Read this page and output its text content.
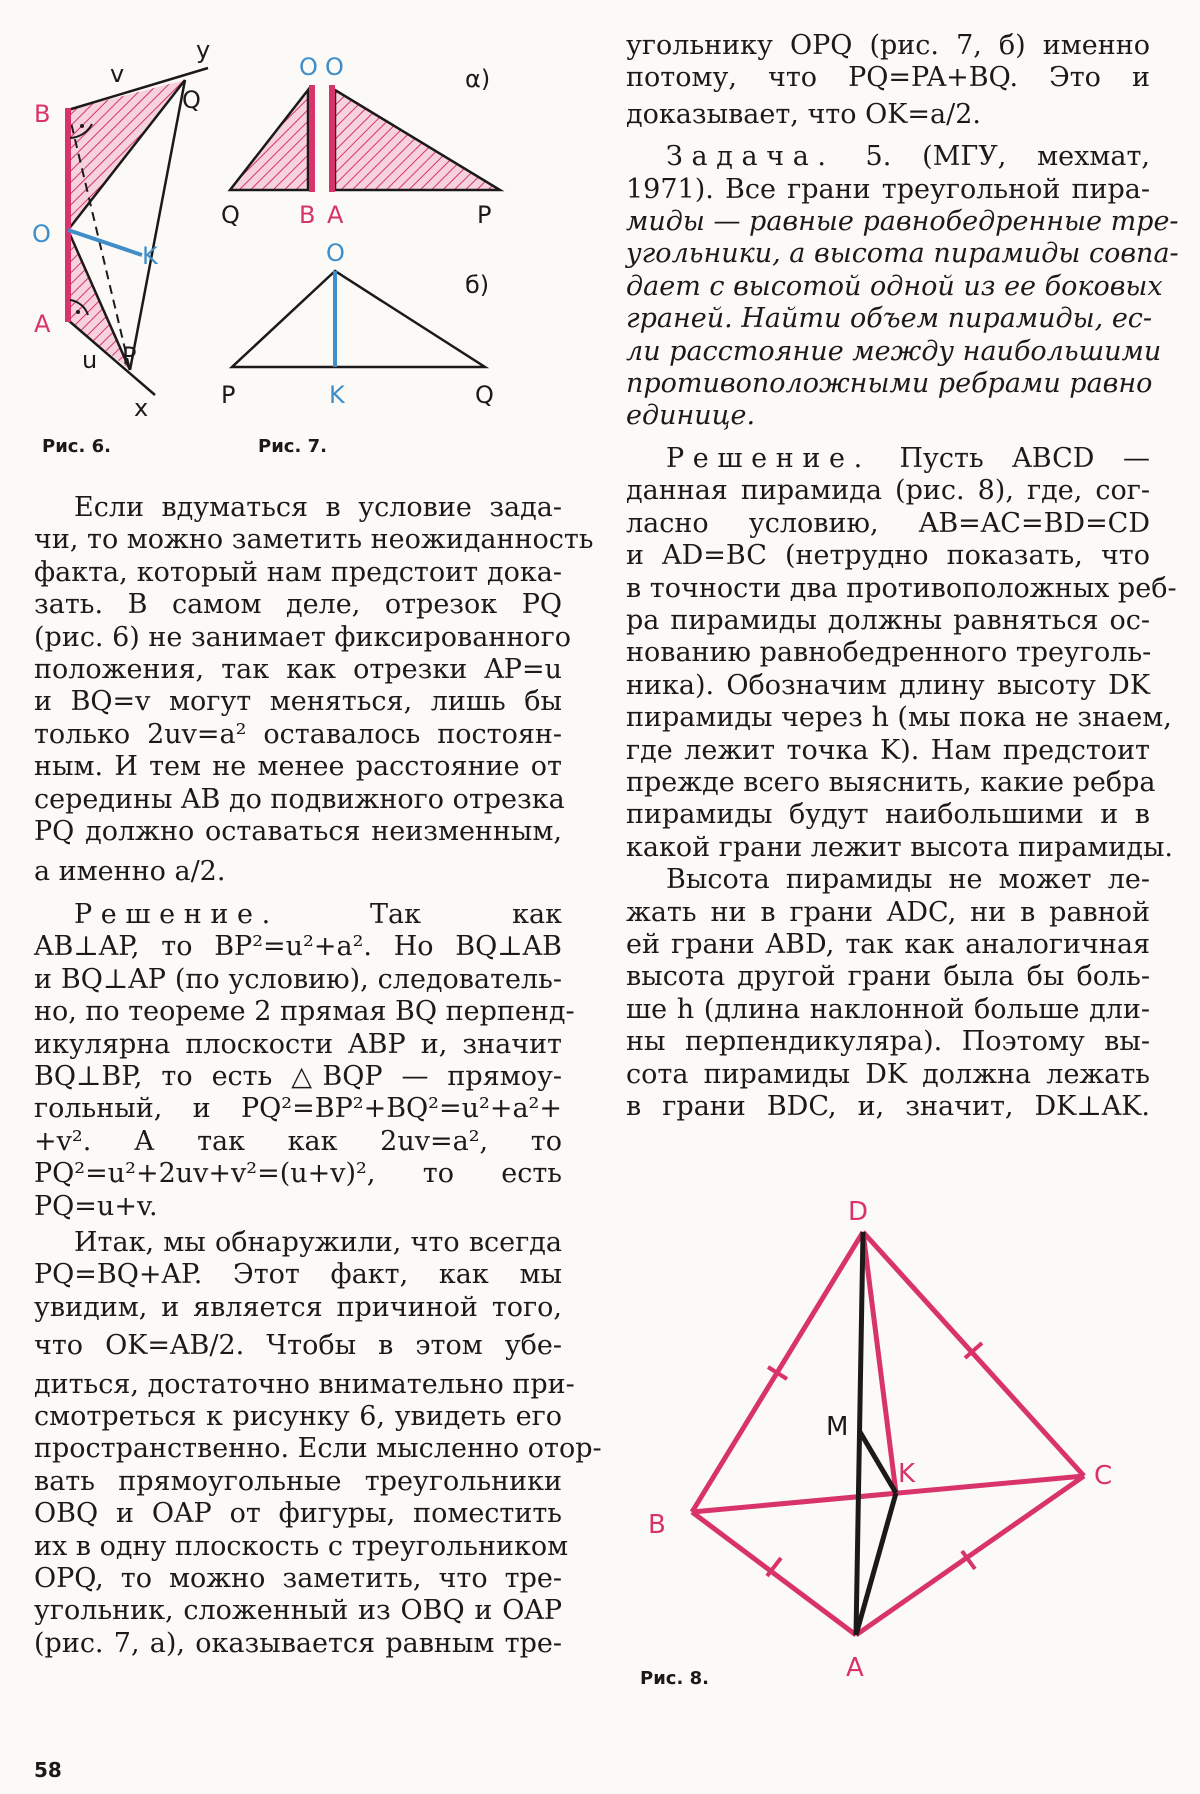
y
v
Q
B
O
K
A
u P
x
Рис. 6.
O O	α)
Q B A	P
O
б)
P	K	Q
Рис. 7.

Если вдуматься в условие зада-
чи, то можно заметить неожиданность
факта, который нам предстоит дока-
зать. В самом деле, отрезок PQ
(рис. 6) не занимает фиксированного
положения, так как отрезки AP=u
и BQ=v могут меняться, лишь бы
только 2uv=a² оставалось постоян-
ным. И тем не менее расстояние от
середины AB до подвижного отрезка
PQ должно оставаться неизменным,
а именно a/2.

Решение.	Так как
AB⊥AP, то BP²=u²+a². Но BQ⊥AB
и BQ⊥AP (по условию), следователь-
но, по теореме 2 прямая BQ перпенд-
икулярна плоскости ABP и, значит
BQ⊥BP, то есть △BQP — прямоу-
гольный, и PQ²=BP²+BQ²=u²+a²+
+v². А так как 2uv=a², то
PQ²=u²+2uv+v²=(u+v)², то есть
PQ=u+v.

Итак, мы обнаружили, что всегда
PQ=BQ+AP. Этот факт, как мы
увидим, и является причиной того,
что OK=AB/2. Чтобы в этом убе-
диться, достаточно внимательно при-
смотреться к рисунку 6, увидеть его
пространственно. Если мысленно отор-
вать прямоугольные треугольники
OBQ и OAP от фигуры, поместить
их в одну плоскость с треугольником
OPQ, то можно заметить, что тре-
угольник, сложенный из OBQ и OAP
(рис. 7, а), оказывается равным тре-

58

угольнику OPQ (рис. 7, б) именно
потому, что PQ=PA+BQ. Это и
доказывает, что OK=a/2.

Задача. 5. (МГУ, мехмат,
1971). Все грани треугольной пира-
миды — равные равнобедренные тре-
угольники, а высота пирамиды совпа-
дает с высотой одной из ее боковых
граней. Найти объем пирамиды, ес-
ли расстояние между наибольшими
противоположными ребрами равно
единице.

Решение. Пусть ABCD —
данная пирамида (рис. 8), где, сог-
ласно условию, AB=AC=BD=CD
и AD=BC (нетрудно показать, что
в точности два противоположных реб-
ра пирамиды должны равняться ос-
нованию равнобедренного треуголь-
ника). Обозначим длину высоту DK
пирамиды через h (мы пока не знаем,
где лежит точка K). Нам предстоит
прежде всего выяснить, какие ребра
пирамиды будут наибольшими и в
какой грани лежит высота пирамиды.

Высота пирамиды не может ле-
жать ни в грани ADC, ни в равной
ей грани ABD, так как аналогичная
высота другой грани была бы боль-
ше h (длина наклонной больше дли-
ны перпендикуляра). Поэтому вы-
сота пирамиды DK должна лежать
в грани BDC, и, значит, DK⊥AK.

D
M
K	C
B
A
Рис. 8.
